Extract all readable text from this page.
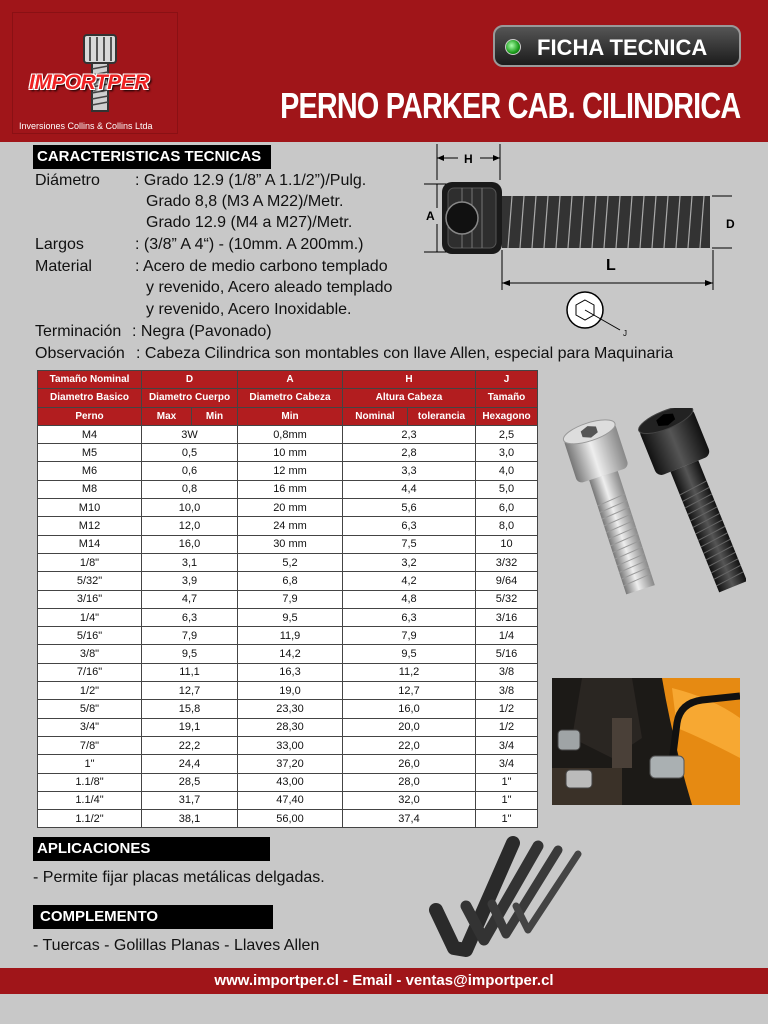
IMPORTPER
Inversiones Collins & Collins Ltda
FICHA TECNICA
PERNO PARKER CAB. CILINDRICA
CARACTERISTICAS TECNICAS
Diámetro : Grado 12.9 (1/8” A 1.1/2”)/Pulg.
Grado 8,8 (M3 A M22)/Metr.
Grado 12.9 (M4 a M27)/Metr.
Largos	: (3/8” A 4“) - (10mm. A 200mm.)
Material	: Acero de medio carbono templado
y revenido, Acero aleado templado
y revenido, Acero Inoxidable.
Terminación : Negra (Pavonado)
Observación : Cabeza Cilindrica son montables con llave Allen, especial para Maquinaria
H
A
D
L
J
Tamaño Nominal	D		A	H		J
Diametro Basico	Diametro Cuerpo		Diametro Cabeza	Altura Cabeza		Tamaño
Perno	Max	Min	Min	Nominal	tolerancia	Hexagono
M4	3W		0,8mm	2,3		2,5
M5	0,5		10 mm	2,8		3,0
M6	0,6		12 mm	3,3		4,0
M8	0,8		16 mm	4,4		5,0
M10	10,0		20 mm	5,6		6,0
M12	12,0		24 mm	6,3		8,0
M14	16,0		30 mm	7,5		10
1/8"	3,1		5,2	3,2		3/32
5/32"	3,9		6,8	4,2		9/64
3/16"	4,7		7,9	4,8		5/32
1/4"	6,3		9,5	6,3		3/16
5/16"	7,9		11,9	7,9		1/4
3/8"	9,5		14,2	9,5		5/16
7/16"	11,1		16,3	11,2		3/8
1/2"	12,7		19,0	12,7		3/8
5/8"	15,8		23,30	16,0		1/2
3/4"	19,1		28,30	20,0		1/2
7/8"	22,2		33,00	22,0		3/4
1"	24,4		37,20	26,0		3/4
1.1/8"	28,5		43,00	28,0		1"
1.1/4"	31,7		47,40	32,0		1"
1.1/2"	38,1		56,00	37,4		1"
APLICACIONES
- Permite fijar placas metálicas delgadas.
COMPLEMENTO
- Tuercas - Golillas Planas - Llaves Allen
www.importper.cl - Email - ventas@importper.cl
